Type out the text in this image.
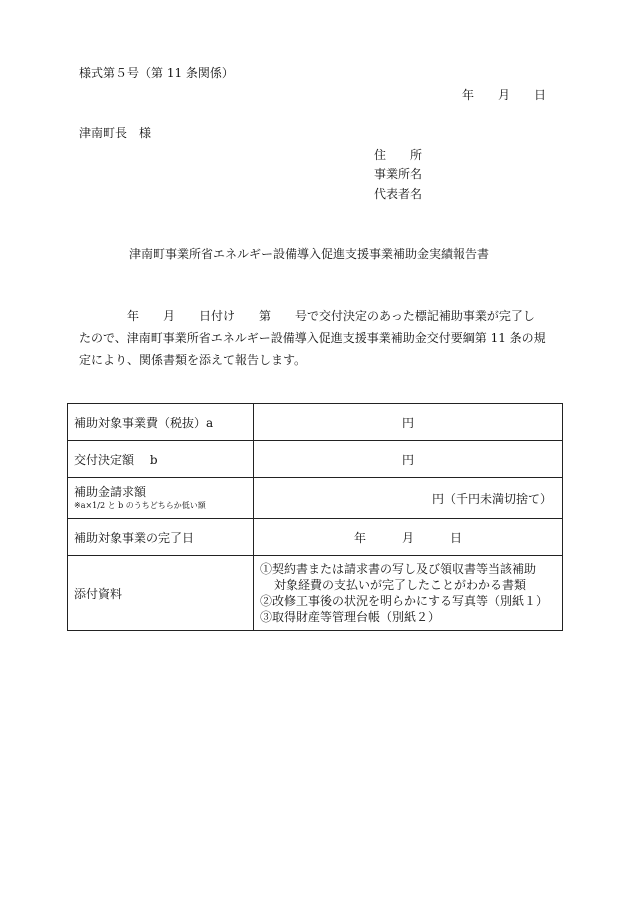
様式第５号（第 11 条関係）
年　　月　　日
津南町長　様
住　　所
事業所名
代表者名
津南町事業所省エネルギー設備導入促進支援事業補助金実績報告書
　　　　年　　月　　日付け　　第　　号で交付決定のあった標記補助事業が完了し
たので、津南町事業所省エネルギー設備導入促進支援事業補助金交付要綱第 11 条の規
定により、関係書類を添えて報告します。
補助対象事業費（税抜）a	円
交付決定額　 b	円

補助金請求額
※a×1/2 と b のうちどちらか低い額	円（千円未満切捨て）

補助対象事業の完了日	年　　　月　　　日
添付資料	①契約書または請求書の写し及び領収書等当該補助
対象経費の支払いが完了したことがわかる書類
②改修工事後の状況を明らかにする写真等（別紙１）
③取得財産等管理台帳（別紙２）
